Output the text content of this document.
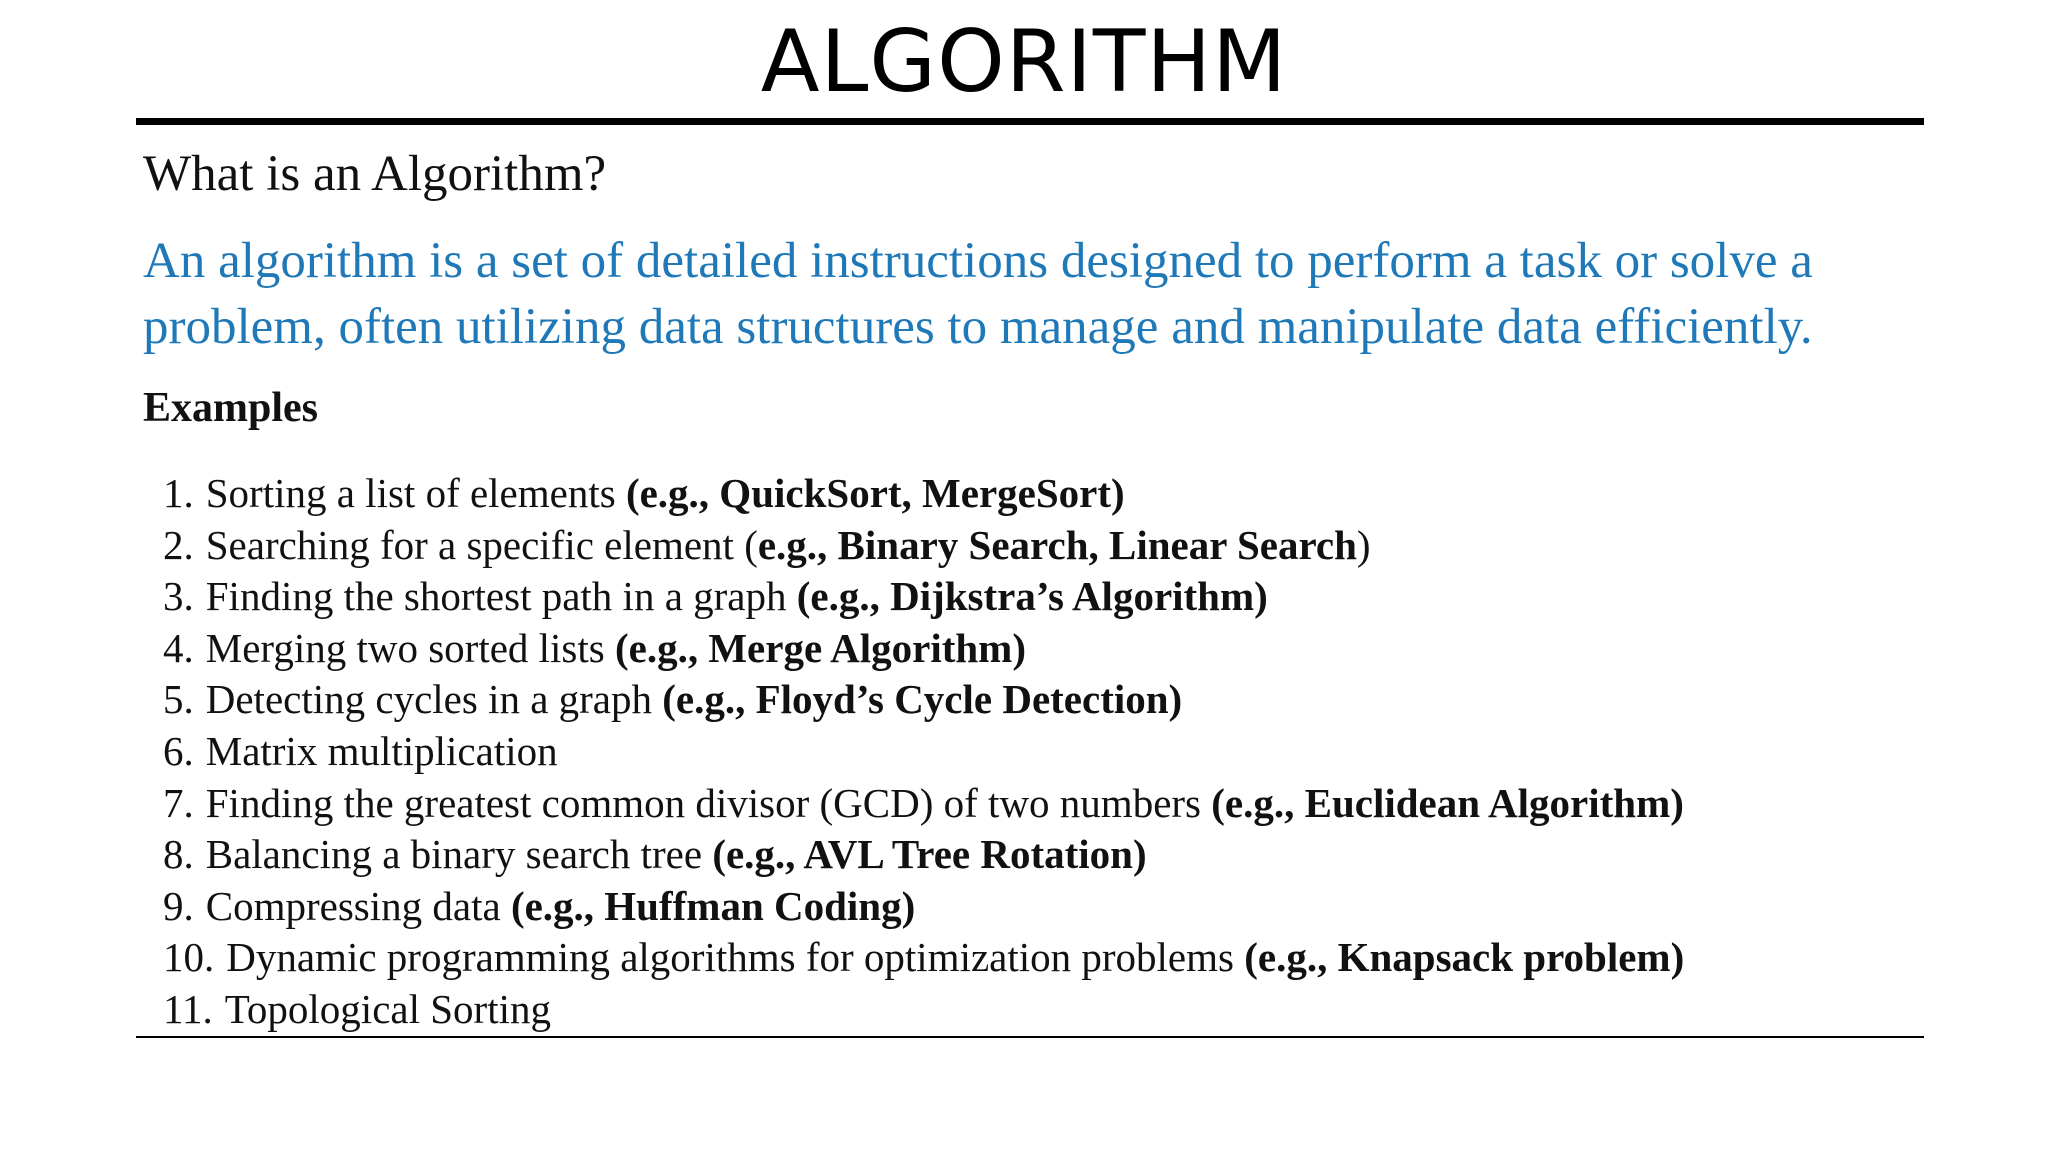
ALGORITHM
What is an Algorithm?
An algorithm is a set of detailed instructions designed to perform a task or solve a
problem, often utilizing data structures to manage and manipulate data efficiently.
Examples
1. Sorting a list of elements (e.g., QuickSort, MergeSort)
2. Searching for a specific element (e.g., Binary Search, Linear Search)
3. Finding the shortest path in a graph (e.g., Dijkstra’s Algorithm)
4. Merging two sorted lists (e.g., Merge Algorithm)
5. Detecting cycles in a graph (e.g., Floyd’s Cycle Detection)
6. Matrix multiplication
7. Finding the greatest common divisor (GCD) of two numbers (e.g., Euclidean Algorithm)
8. Balancing a binary search tree (e.g., AVL Tree Rotation)
9. Compressing data (e.g., Huffman Coding)
10. Dynamic programming algorithms for optimization problems (e.g., Knapsack problem)
11. Topological Sorting
